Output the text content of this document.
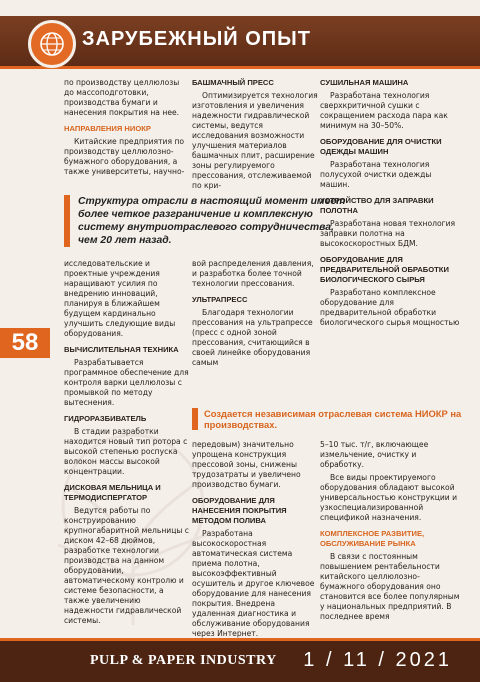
ЗАРУБЕЖНЫЙ ОПЫТ
58

по производству целлюлозы до массоподготовки, производства бумаги и нанесения покрытия на нее.

НАПРАВЛЕНИЯ НИОКР

Китайские предприятия по производству целлюлозно-бумажного оборудования, а также университеты, научно-

исследовательские и проектные учреждения наращивают усилия по внедрению инноваций, планируя в ближайшем будущем кардинально улучшить следующие виды оборудования.

ВЫЧИСЛИТЕЛЬНАЯ ТЕХНИКА

Разрабатывается программное обеспечение для контроля варки целлюлозы с промывкой по методу вытеснения.

ГИДРОРАЗБИВАТЕЛЬ

В стадии разработки находится новый тип ротора с высокой степенью роспуска волокон массы высокой концентрации.

ДИСКОВАЯ МЕЛЬНИЦА И ТЕРМОДИСПЕРГАТОР

Ведутся работы по конструированию крупногабаритной мельницы с диском 42–68 дюймов, разработке технологии производства на данном оборудовании, автоматическому контролю и системе безопасности, а также увеличению надежности гидравлической системы.

БАШМАЧНЫЙ ПРЕСС

Оптимизируется технология изготовления и увеличения надежности гидравлической системы, ведутся исследования возможности улучшения материалов башмачных плит, расширение зоны регулируемого прессования, отслеживаемой по кри-

вой распределения давления, и разработка более точной технологии прессования.

УЛЬТРАПРЕСС

Благодаря технологии прессования на ультрапрессе (пресс с одной зоной прессования, считающийся в своей линейке оборудования самым

передовым) значительно упрощена конструкция прессовой зоны, снижены трудозатраты и увеличено производство бумаги.

ОБОРУДОВАНИЕ ДЛЯ НАНЕСЕНИЯ ПОКРЫТИЯ МЕТОДОМ ПОЛИВА

Разработана высокоскоростная автоматическая система приема полотна, высокоэффективный осушитель и другое ключевое оборудование для нанесения покрытия. Внедрена удаленная диагностика и обслуживание оборудования через Интернет.

СУШИЛЬНАЯ МАШИНА

Разработана технология сверхкритичной сушки с сокращением расхода пара как минимум на 30–50%.

ОБОРУДОВАНИЕ ДЛЯ ОЧИСТКИ ОДЕЖДЫ МАШИН

Разработана технология полусухой очистки одежды машин.

УСТРОЙСТВО ДЛЯ ЗАПРАВКИ ПОЛОТНА

Разработана новая технология заправки полотна на высокоскоростных БДМ.

ОБОРУДОВАНИЕ ДЛЯ ПРЕДВАРИТЕЛЬНОЙ ОБРАБОТКИ БИОЛОГИЧЕСКОГО СЫРЬЯ

Разработано комплексное оборудование для предварительной обработки биологического сырья мощностью

5–10 тыс. т/г, включающее измельчение, очистку и обработку.

Все виды проектируемого оборудования обладают высокой универсальностью конструкции и узкоспециализированной спецификой назначения.

КОМПЛЕКСНОЕ РАЗВИТИЕ, ОБСЛУЖИВАНИЕ РЫНКА

В связи с постоянным повышением рентабельности китайского целлюлозно-бумажного оборудования оно становится все более популярным у национальных предприятий. В последнее время

Структура отрасли в настоящий момент имеет более четкое разграничение и комплексную систему внутриотраслевого сотрудничества, чем 20 лет назад.
Создается независимая отраслевая система НИОКР на производствах.
PULP & PAPER INDUSTRY 1 / 11 / 2021
